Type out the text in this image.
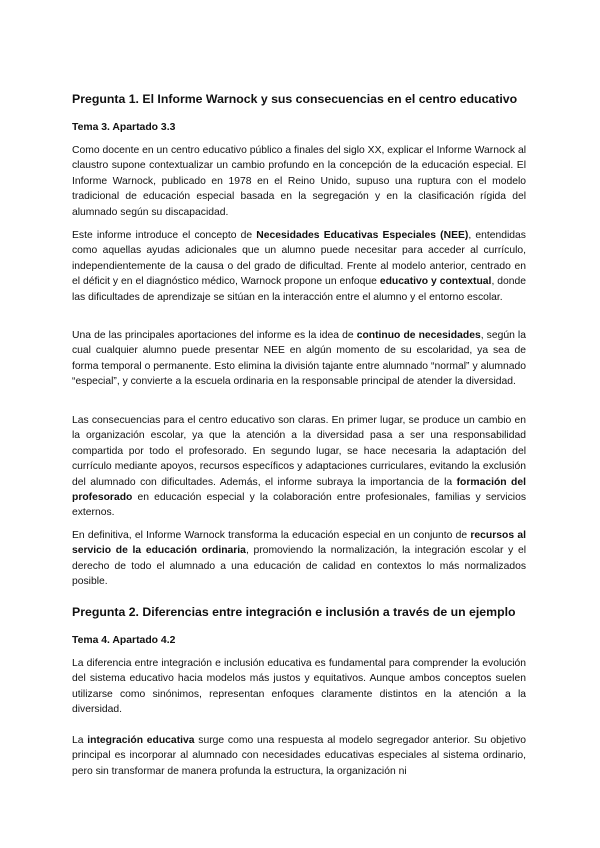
Pregunta 1. El Informe Warnock y sus consecuencias en el centro educativo
Tema 3. Apartado 3.3

Como docente en un centro educativo público a finales del siglo XX, explicar el Informe Warnock al claustro supone contextualizar un cambio profundo en la concepción de la educación especial. El Informe Warnock, publicado en 1978 en el Reino Unido, supuso una ruptura con el modelo tradicional de educación especial basada en la segregación y en la clasificación rígida del alumnado según su discapacidad.

Este informe introduce el concepto de Necesidades Educativas Especiales (NEE), entendidas como aquellas ayudas adicionales que un alumno puede necesitar para acceder al currículo, independientemente de la causa o del grado de dificultad. Frente al modelo anterior, centrado en el déficit y en el diagnóstico médico, Warnock propone un enfoque educativo y contextual, donde las dificultades de aprendizaje se sitúan en la interacción entre el alumno y el entorno escolar.

Una de las principales aportaciones del informe es la idea de continuo de necesidades, según la cual cualquier alumno puede presentar NEE en algún momento de su escolaridad, ya sea de forma temporal o permanente. Esto elimina la división tajante entre alumnado “normal” y alumnado “especial”, y convierte a la escuela ordinaria en la responsable principal de atender la diversidad.

Las consecuencias para el centro educativo son claras. En primer lugar, se produce un cambio en la organización escolar, ya que la atención a la diversidad pasa a ser una responsabilidad compartida por todo el profesorado. En segundo lugar, se hace necesaria la adaptación del currículo mediante apoyos, recursos específicos y adaptaciones curriculares, evitando la exclusión del alumnado con dificultades. Además, el informe subraya la importancia de la formación del profesorado en educación especial y la colaboración entre profesionales, familias y servicios externos.

En definitiva, el Informe Warnock transforma la educación especial en un conjunto de recursos al servicio de la educación ordinaria, promoviendo la normalización, la integración escolar y el derecho de todo el alumnado a una educación de calidad en contextos lo más normalizados posible.

Pregunta 2. Diferencias entre integración e inclusión a través de un ejemplo
Tema 4. Apartado 4.2

La diferencia entre integración e inclusión educativa es fundamental para comprender la evolución del sistema educativo hacia modelos más justos y equitativos. Aunque ambos conceptos suelen utilizarse como sinónimos, representan enfoques claramente distintos en la atención a la diversidad.

La integración educativa surge como una respuesta al modelo segregador anterior. Su objetivo principal es incorporar al alumnado con necesidades educativas especiales al sistema ordinario, pero sin transformar de manera profunda la estructura, la organización ni
